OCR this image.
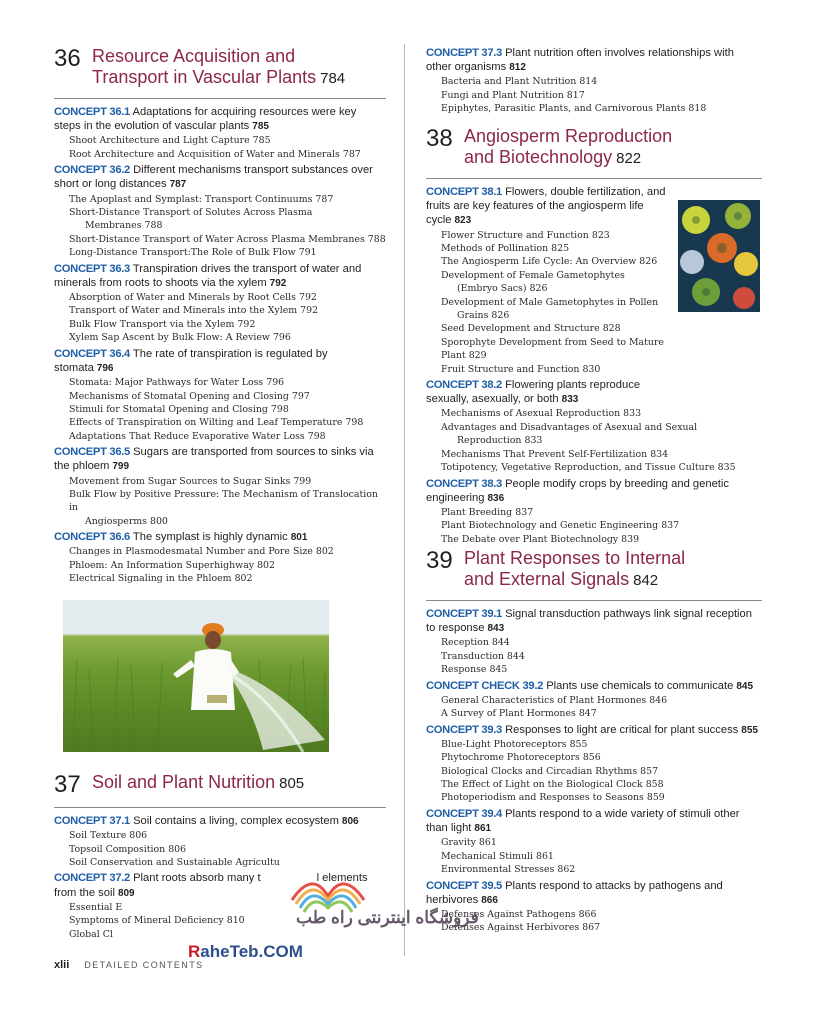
36 Resource Acquisition and
Transport in Vascular Plants 784
CONCEPT 36.1 Adaptations for acquiring resources were key steps in the evolution of vascular plants 785
Shoot Architecture and Light Capture 785
Root Architecture and Acquisition of Water and Minerals 787
CONCEPT 36.2 Different mechanisms transport substances over short or long distances 787
The Apoplast and Symplast: Transport Continuums 787
Short-Distance Transport of Solutes Across Plasma
Membranes 788
Short-Distance Transport of Water Across Plasma Membranes 788
Long-Distance Transport:The Role of Bulk Flow 791
CONCEPT 36.3 Transpiration drives the transport of water and minerals from roots to shoots via the xylem 792
Absorption of Water and Minerals by Root Cells 792
Transport of Water and Minerals into the Xylem 792
Bulk Flow Transport via the Xylem 792
Xylem Sap Ascent by Bulk Flow: A Review 796
CONCEPT 36.4 The rate of transpiration is regulated by stomata 796
Stomata: Major Pathways for Water Loss 796
Mechanisms of Stomatal Opening and Closing 797
Stimuli for Stomatal Opening and Closing 798
Effects of Transpiration on Wilting and Leaf Temperature 798
Adaptations That Reduce Evaporative Water Loss 798
CONCEPT 36.5 Sugars are transported from sources to sinks via the phloem 799
Movement from Sugar Sources to Sugar Sinks 799
Bulk Flow by Positive Pressure: The Mechanism of Translocation in
Angiosperms 800
CONCEPT 36.6 The symplast is highly dynamic 801
Changes in Plasmodesmatal Number and Pore Size 802
Phloem: An Information Superhighway 802
Electrical Signaling in the Phloem 802
37 Soil and Plant Nutrition 805
CONCEPT 37.1 Soil contains a living, complex ecosystem 806
Soil Texture 806
Topsoil Composition 806
Soil Conservation and Sustainable Agricultu
CONCEPT 37.2 Plant roots absorb many t	l elements from the soil 809
Essential E
Symptoms of Mineral Deficiency 810
Global Cl
CONCEPT 37.3 Plant nutrition often involves relationships with other organisms 812
Bacteria and Plant Nutrition 814
Fungi and Plant Nutrition 817
Epiphytes, Parasitic Plants, and Carnivorous Plants 818
38 Angiosperm Reproduction
and Biotechnology 822
CONCEPT 38.1 Flowers, double fertilization, and fruits are key features of the angiosperm life cycle 823
Flower Structure and Function 823
Methods of Pollination 825
The Angiosperm Life Cycle: An Overview 826
Development of Female Gametophytes
(Embryo Sacs) 826
Development of Male Gametophytes in Pollen
Grains 826
Seed Development and Structure 828
Sporophyte Development from Seed to Mature Plant 829
Fruit Structure and Function 830
CONCEPT 38.2 Flowering plants reproduce sexually, asexually, or both 833
Mechanisms of Asexual Reproduction 833
Advantages and Disadvantages of Asexual and Sexual
Reproduction 833
Mechanisms That Prevent Self-Fertilization 834
Totipotency, Vegetative Reproduction, and Tissue Culture 835
CONCEPT 38.3 People modify crops by breeding and genetic engineering 836
Plant Breeding 837
Plant Biotechnology and Genetic Engineering 837
The Debate over Plant Biotechnology 839
39 Plant Responses to Internal
and External Signals 842
CONCEPT 39.1 Signal transduction pathways link signal reception to response 843
Reception 844
Transduction 844
Response 845
CONCEPT CHECK 39.2 Plants use chemicals to communicate 845
General Characteristics of Plant Hormones 846
A Survey of Plant Hormones 847
CONCEPT 39.3 Responses to light are critical for plant success 855
Blue-Light Photoreceptors 855
Phytochrome Photoreceptors 856
Biological Clocks and Circadian Rhythms 857
The Effect of Light on the Biological Clock 858
Photoperiodism and Responses to Seasons 859
CONCEPT 39.4 Plants respond to a wide variety of stimuli other than light 861
Gravity 861
Mechanical Stimuli 861
Environmental Stresses 862
CONCEPT 39.5 Plants respond to attacks by pathogens and herbivores 866
Defenses Against Pathogens 866
Defenses Against Herbivores 867
xlii DETAILED CONTENTS
فروشگاه اینترنتی راه طب
RaheTeb.COM
